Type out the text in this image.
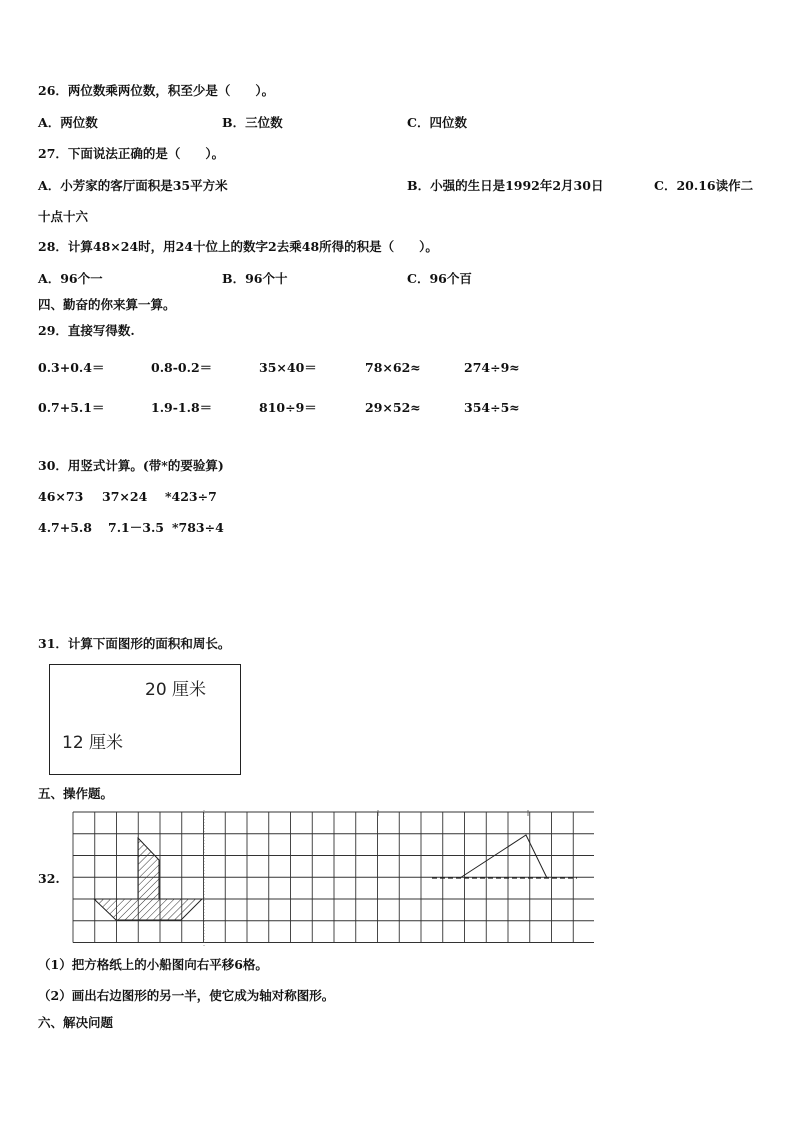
26．两位数乘两位数，积至少是（　　）。
A．两位数	B．三位数	C．四位数
27．下面说法正确的是（　　）。
A．小芳家的客厅面积是35平方米	B．小强的生日是1992年2月30日	C．20.16读作二
十点十六
28．计算48×24时，用24十位上的数字2去乘48所得的积是（　　）。
A．96个一	B．96个十	C．96个百
四、勤奋的你来算一算。
29．直接写得数.
0.3+0.4＝	0.8-0.2＝	35×40＝	78×62≈	274÷9≈
0.7+5.1＝	1.9-1.8＝	810÷9＝	29×52≈	354÷5≈
30．用竖式计算。(带*的要验算)
46×73 37×24 *423÷7
4.7+5.8 7.1－3.5 *783÷4
31．计算下面图形的面积和周长。
20 厘米
12 厘米
五、操作题。
32.
（1）把方格纸上的小船图向右平移6格。
（2）画出右边图形的另一半，使它成为轴对称图形。
六、解决问题
